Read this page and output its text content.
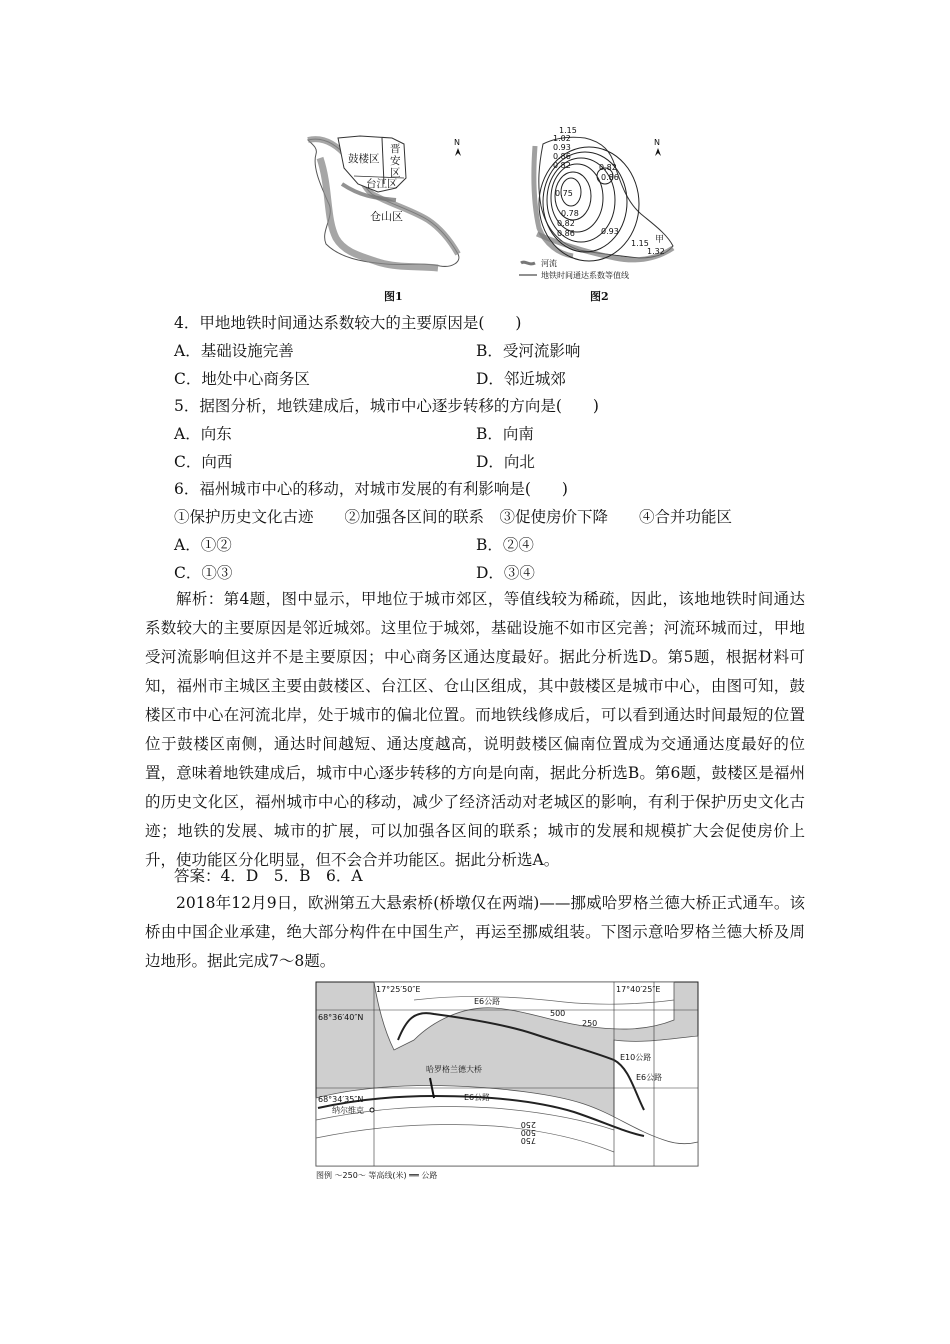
鼓楼区
晋
安
区
台江区
仓山区
N
图1
1.15
1.02
0.93
0.86
0.82
0.75
0.82
0.86
0.78
0.82
0.86	0.93
1.15
1.32
甲
N
河流
地铁时间通达系数等值线
图2
4．甲地地铁时间通达系数较大的主要原因是(　　)
A．基础设施完善	B．受河流影响
C．地处中心商务区	D．邻近城郊
5．据图分析，地铁建成后，城市中心逐步转移的方向是(　　)
A．向东	B．向南
C．向西	D．向北
6．福州城市中心的移动，对城市发展的有利影响是(　　)
①保护历史文化古迹　　②加强各区间的联系　③促使房价下降　　④合并功能区
A．①②	B．②④
C．①③	D．③④
解析：第4题，图中显示，甲地位于城市郊区，等值线较为稀疏，因此，该地地铁时间通达系数较大的主要原因是邻近城郊。这里位于城郊，基础设施不如市区完善；河流环城而过，甲地受河流影响但这并不是主要原因；中心商务区通达度最好。据此分析选D。第5题，根据材料可知，福州市主城区主要由鼓楼区、台江区、仓山区组成，其中鼓楼区是城市中心，由图可知，鼓楼区市中心在河流北岸，处于城市的偏北位置。而地铁线修成后，可以看到通达时间最短的位置位于鼓楼区南侧，通达时间越短、通达度越高，说明鼓楼区偏南位置成为交通通达度最好的位置，意味着地铁建成后，城市中心逐步转移的方向是向南，据此分析选B。第6题，鼓楼区是福州的历史文化区，福州城市中心的移动，减少了经济活动对老城区的影响，有利于保护历史文化古迹；地铁的发展、城市的扩展，可以加强各区间的联系；城市的发展和规模扩大会促使房价上升，使功能区分化明显，但不会合并功能区。据此分析选A。
答案：4．D　5．B　6．A
2018年12月9日，欧洲第五大悬索桥(桥墩仅在两端)——挪威哈罗格兰德大桥正式通车。该桥由中国企业承建，绝大部分构件在中国生产，再运至挪威组装。下图示意哈罗格兰德大桥及周边地形。据此完成7～8题。
17°25′50″E	17°40′25″E
68°36′40″N
68°34′35″N
E6公路
E10公路
E6公路
E6公路
500
250
250
500
750
哈罗格兰德大桥
纳尔维克
图例 〜250〜 等高线(米) ══ 公路
